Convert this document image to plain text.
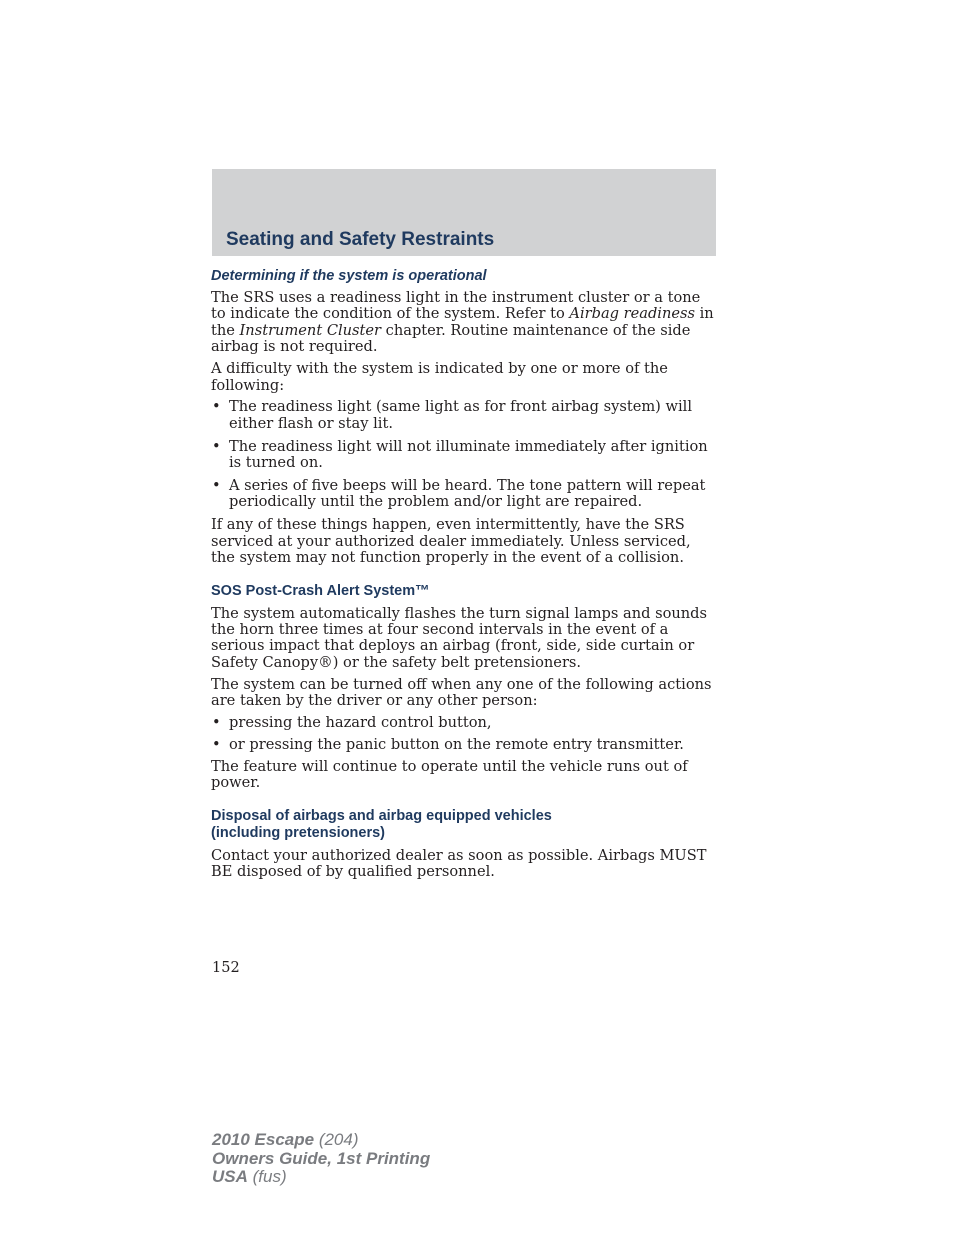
Seating and Safety Restraints
Determining if the system is operational

The SRS uses a readiness light in the instrument cluster or a tone to indicate the condition of the system. Refer to Airbag readiness in the Instrument Cluster chapter. Routine maintenance of the side airbag is not required.

A difficulty with the system is indicated by one or more of the following:

• The readiness light (same light as for front airbag system) will either flash or stay lit.
• The readiness light will not illuminate immediately after ignition is turned on.
• A series of five beeps will be heard. The tone pattern will repeat periodically until the problem and/or light are repaired.

If any of these things happen, even intermittently, have the SRS serviced at your authorized dealer immediately. Unless serviced, the system may not function properly in the event of a collision.

SOS Post-Crash Alert System™

The system automatically flashes the turn signal lamps and sounds the horn three times at four second intervals in the event of a serious impact that deploys an airbag (front, side, side curtain or Safety Canopy®) or the safety belt pretensioners.

The system can be turned off when any one of the following actions are taken by the driver or any other person:

• pressing the hazard control button,
• or pressing the panic button on the remote entry transmitter.

The feature will continue to operate until the vehicle runs out of power.

Disposal of airbags and airbag equipped vehicles
(including pretensioners)

Contact your authorized dealer as soon as possible. Airbags MUST BE disposed of by qualified personnel.

152
2010 Escape (204)
Owners Guide, 1st Printing
USA (fus)
